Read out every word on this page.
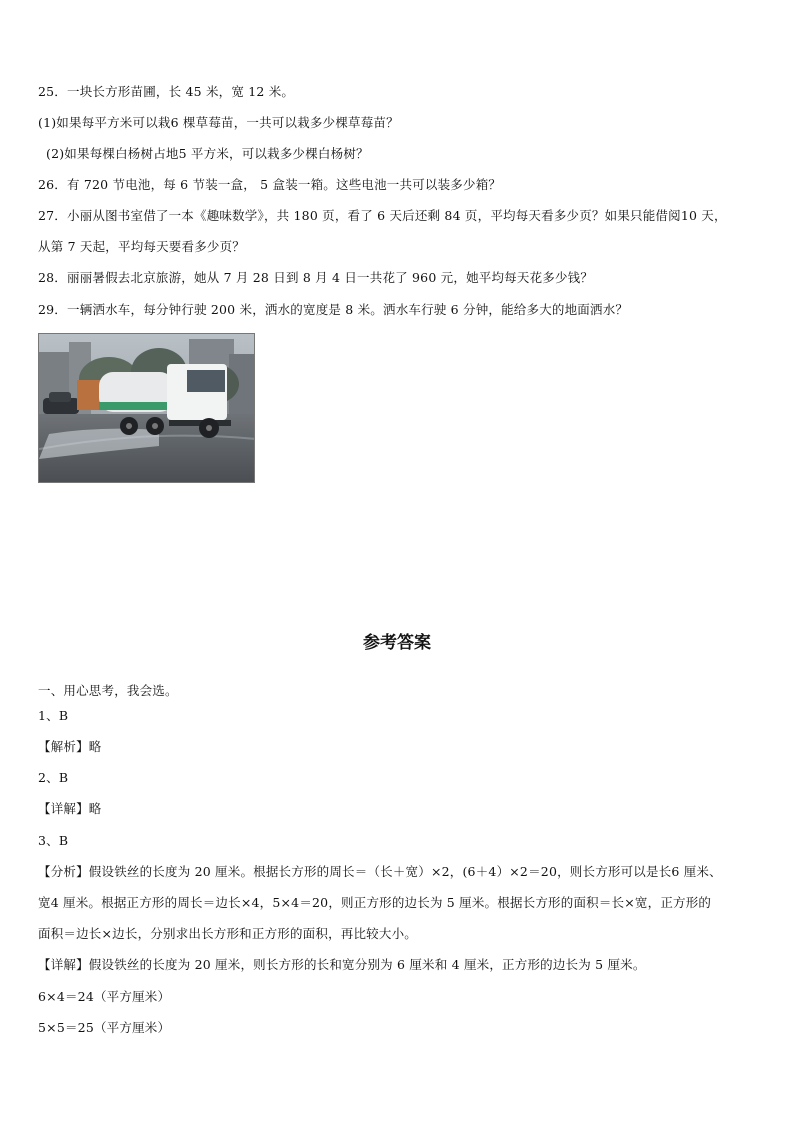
25．一块长方形苗圃，长 45 米，宽 12 米。
(1)如果每平方米可以栽6 棵草莓苗，一共可以栽多少棵草莓苗？
(2)如果每棵白杨树占地5 平方米，可以栽多少棵白杨树？
26．有 720 节电池，每 6 节装一盒， 5 盒装一箱。这些电池一共可以装多少箱？
27．小丽从图书室借了一本《趣味数学》，共 180 页，看了 6 天后还剩 84 页，平均每天看多少页？如果只能借阅10 天，
从第 7 天起，平均每天要看多少页？
28．丽丽暑假去北京旅游，她从 7 月 28 日到 8 月 4 日一共花了 960 元，她平均每天花多少钱？
29．一辆洒水车，每分钟行驶 200 米，洒水的宽度是 8 米。洒水车行驶 6 分钟，能给多大的地面洒水？
参考答案
一、用心思考，我会选。
1、B
【解析】略
2、B
【详解】略
3、B
【分析】假设铁丝的长度为 20 厘米。根据长方形的周长＝（长＋宽）×2，(6＋4）×2＝20，则长方形可以是长6 厘米、
宽4 厘米。根据正方形的周长＝边长×4，5×4＝20，则正方形的边长为 5 厘米。根据长方形的面积＝长×宽，正方形的
面积＝边长×边长，分别求出长方形和正方形的面积，再比较大小。
【详解】假设铁丝的长度为 20 厘米，则长方形的长和宽分别为 6 厘米和 4 厘米，正方形的边长为 5 厘米。
6×4＝24（平方厘米）
5×5＝25（平方厘米）
